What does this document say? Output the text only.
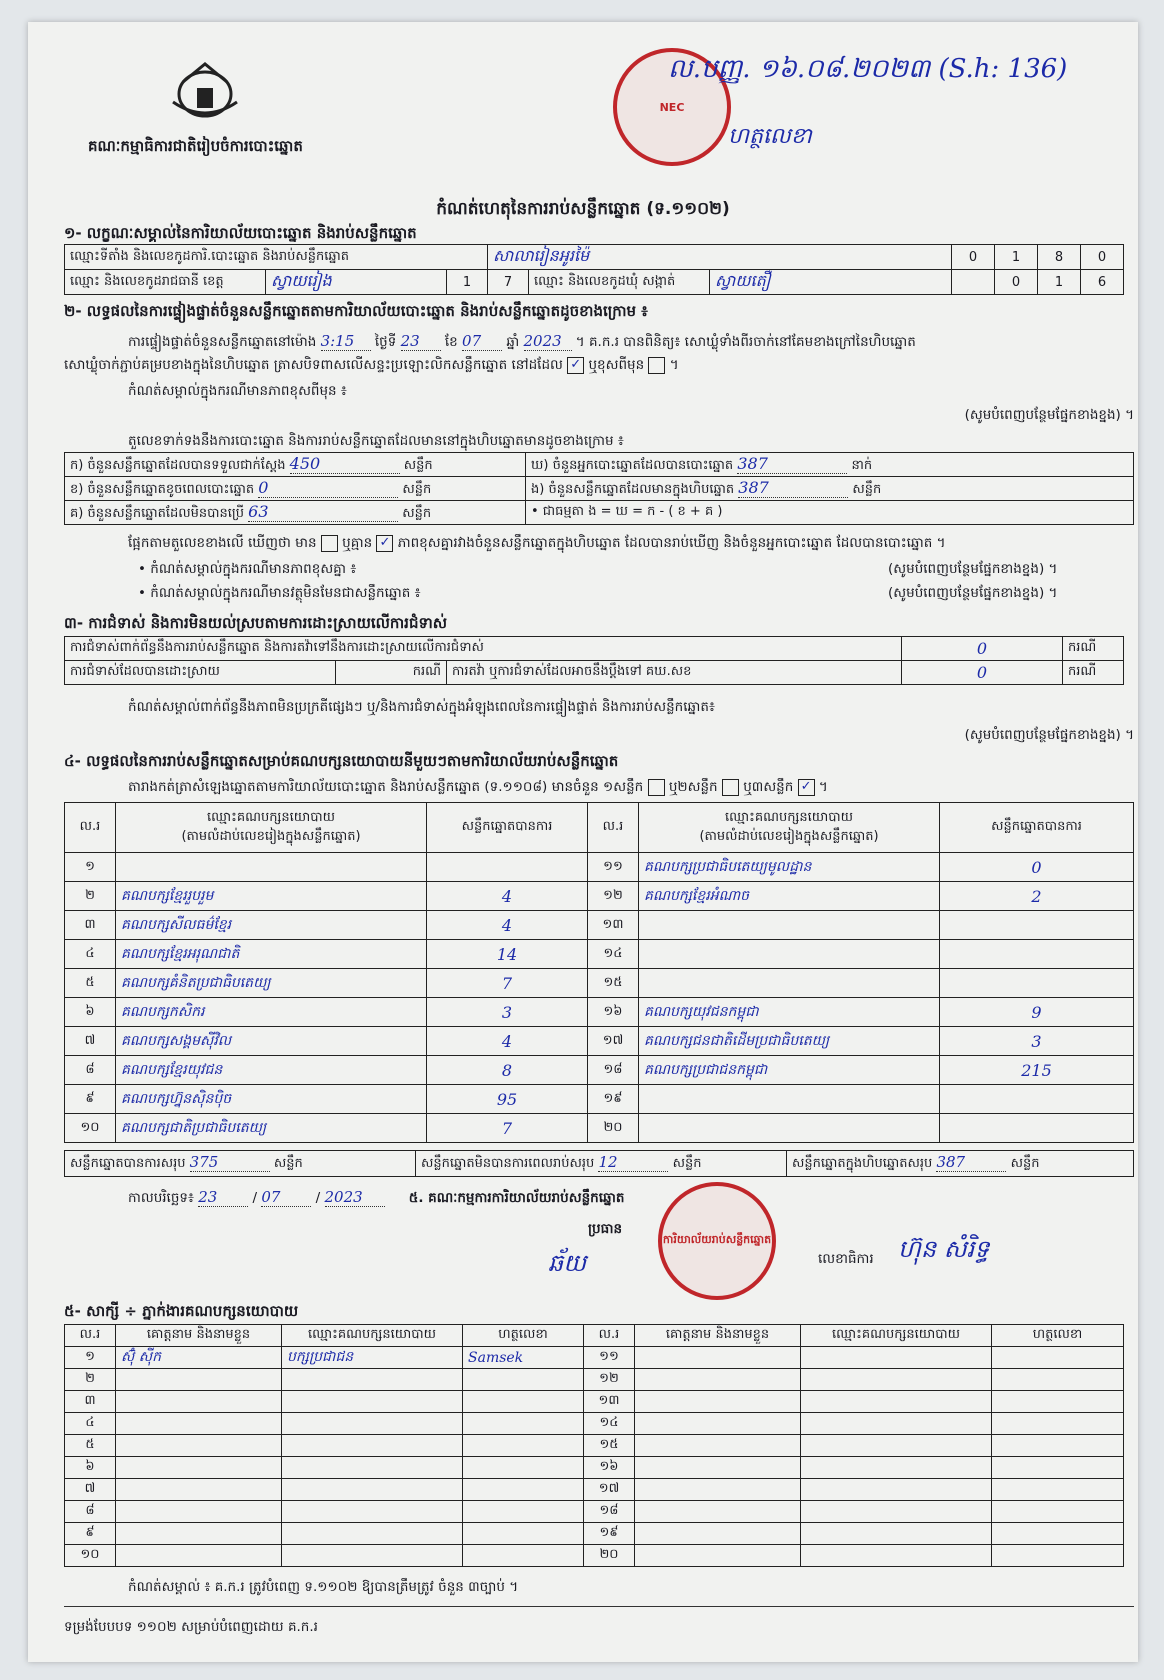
គណៈកម្មាធិការជាតិរៀបចំការបោះឆ្នោត
NEC
ល.បញ្ញ. ១៦.០៨.២០២៣ (S.h: 136)
ហត្ថលេខា
កំណត់ហេតុនៃការរាប់សន្លឹកឆ្នោត (ទ.១១០២)
១- លក្ខណៈសម្គាល់នៃការិយាល័យបោះឆ្នោត និងរាប់សន្លឹកឆ្នោត
ឈ្មោះទីតាំង និងលេខកូដការិ.បោះឆ្នោត និងរាប់សន្លឹកឆ្នោត			សាលារៀនអូរម៉ៃ			0	1	8	0
ឈ្មោះ និងលេខកូដរាជធានី ខេត្ត	ស្វាយរៀង	1	7	ឈ្មោះ និងលេខកូដឃុំ សង្កាត់	ស្វាយតឿ		0	1	6
២- លទ្ធផលនៃការផ្ទៀងផ្ទាត់ចំនួនសន្លឹកឆ្នោតតាមការិយាល័យបោះឆ្នោត និងរាប់សន្លឹកឆ្នោតដូចខាងក្រោម ៖
ការផ្ទៀងផ្ទាត់ចំនួនសន្លឹកឆ្នោតនៅម៉ោង 3:15 ថ្ងៃទី 23 ខែ 07 ឆ្នាំ 2023 ។ គ.ក.រ បានពិនិត្យ៖ សោឃ្លុំទាំងពីរចាក់នៅគែមខាងក្រៅនៃហិបឆ្នោត
សោឃ្លុំចាក់ភ្ជាប់គម្របខាងក្នុងនៃហិបឆ្នោត ត្រាសបិទពាសលើសន្ទះប្រឡោះលិកសន្លឹកឆ្នោត នៅដដែល ✓ ឬខុសពីមុន  ។
កំណត់សម្គាល់ក្នុងករណីមានភាពខុសពីមុន ៖
(សូមបំពេញបន្ថែមផ្នែកខាងខ្នង) ។
តួលេខទាក់ទងនឹងការបោះឆ្នោត និងការរាប់សន្លឹកឆ្នោតដែលមាននៅក្នុងហិបឆ្នោតមានដូចខាងក្រោម ៖
ក) ចំនួនសន្លឹកឆ្នោតដែលបានទទួលជាក់ស្ដែង 450 សន្លឹក	ឃ) ចំនួនអ្នកបោះឆ្នោតដែលបានបោះឆ្នោត 387 នាក់
ខ) ចំនួនសន្លឹកឆ្នោតខូចពេលបោះឆ្នោត 0 សន្លឹក	ង) ចំនួនសន្លឹកឆ្នោតដែលមានក្នុងហិបឆ្នោត 387 សន្លឹក
គ) ចំនួនសន្លឹកឆ្នោតដែលមិនបានប្រើ 63 សន្លឹក	• ជាធម្មតា ង = ឃ = ក - ( ខ + គ )
ផ្អែកតាមតួលេខខាងលើ ឃើញថា មាន ឬគ្មាន ✓ ភាពខុសគ្នារវាងចំនួនសន្លឹកឆ្នោតក្នុងហិបឆ្នោត ដែលបានរាប់ឃើញ និងចំនួនអ្នកបោះឆ្នោត ដែលបានបោះឆ្នោត ។
• កំណត់សម្គាល់ក្នុងករណីមានភាពខុសគ្នា ៖	(សូមបំពេញបន្ថែមផ្នែកខាងខ្នង) ។
• កំណត់សម្គាល់ក្នុងករណីមានវត្ថុមិនមែនជាសន្លឹកឆ្នោត ៖	(សូមបំពេញបន្ថែមផ្នែកខាងខ្នង) ។
៣- ការជំទាស់ និងការមិនយល់ស្របតាមការដោះស្រាយលើការជំទាស់
ការជំទាស់ពាក់ព័ន្ធនឹងការរាប់សន្លឹកឆ្នោត និងការតវ៉ាទៅនឹងការដោះស្រាយលើការជំទាស់			0	ករណី
ការជំទាស់ដែលបានដោះស្រាយ	ករណី	ការតវ៉ា ឬការជំទាស់ដែលអាចនឹងប្ដឹងទៅ គឃ.សខ	0	ករណី
កំណត់សម្គាល់ពាក់ព័ន្ធនឹងភាពមិនប្រក្រតីផ្សេងៗ ឬ/និងការជំទាស់ក្នុងអំឡុងពេលនៃការផ្ទៀងផ្ទាត់ និងការរាប់សន្លឹកឆ្នោត៖
(សូមបំពេញបន្ថែមផ្នែកខាងខ្នង) ។
៤- លទ្ធផលនៃការរាប់សន្លឹកឆ្នោតសម្រាប់គណបក្សនយោបាយនីមួយៗតាមការិយាល័យរាប់សន្លឹកឆ្នោត
តារាងកត់ត្រាសំឡេងឆ្នោតតាមការិយាល័យបោះឆ្នោត និងរាប់សន្លឹកឆ្នោត (ទ.១១០៨) មានចំនួន ១សន្លឹក ឬ២សន្លឹក ឬ៣សន្លឹក ✓ ។
ល.រ	ឈ្មោះគណបក្សនយោបាយ
(តាមលំដាប់លេខរៀងក្នុងសន្លឹកឆ្នោត)	សន្លឹកឆ្នោតបានការ	ល.រ	ឈ្មោះគណបក្សនយោបាយ
(តាមលំដាប់លេខរៀងក្នុងសន្លឹកឆ្នោត)	សន្លឹកឆ្នោតបានការ
១			១១	គណបក្សប្រជាធិបតេយ្យមូលដ្ឋាន	0
២	គណបក្សខ្មែររួបរួម	4	១២	គណបក្សខ្មែរអំណាច	2
៣	គណបក្សសីលធម៌ខ្មែរ	4	១៣		
៤	គណបក្សខ្មែរអរុណជាតិ	14	១៤		
៥	គណបក្សគំនិតប្រជាធិបតេយ្យ	7	១៥		
៦	គណបក្សកសិករ	3	១៦	គណបក្សយុវជនកម្ពុជា	9
៧	គណបក្សសង្គមស៊ីវិល	4	១៧	គណបក្សជនជាតិដើមប្រជាធិបតេយ្យ	3
៨	គណបក្សខ្មែរយុវជន	8	១៨	គណបក្សប្រជាជនកម្ពុជា	215
៩	គណបក្សហ្វ៊ុនស៊ិនប៉ិច	95	១៩		
១០	គណបក្សជាតិប្រជាធិបតេយ្យ	7	២០		
សន្លឹកឆ្នោតបានការសរុប 375	សន្លឹក	សន្លឹកឆ្នោតមិនបានការពេលរាប់សរុប 12	សន្លឹក	សន្លឹកឆ្នោតក្នុងហិបឆ្នោតសរុប 387	សន្លឹក
កាលបរិច្ឆេទ៖ 23 / 07 / 2023	៥. គណៈកម្មការការិយាល័យរាប់សន្លឹកឆ្នោត
ប្រធាន
ការិយាល័យរាប់សន្លឹកឆ្នោត
ឆ័យ	លេខាធិការ ហ៊ុន សំរិទ្ធ
៥- សាក្សី ÷ ភ្នាក់ងារគណបក្សនយោបាយ
ល.រ	គោត្តនាម និងនាមខ្លួន	ឈ្មោះគណបក្សនយោបាយ	ហត្ថលេខា	ល.រ	គោត្តនាម និងនាមខ្លួន	ឈ្មោះគណបក្សនយោបាយ	ហត្ថលេខា
១	ស៊ុំ ស៊ីក	បក្សប្រជាជន	Samsek	១១			
២				១២			
៣				១៣			
៤				១៤			
៥				១៥			
៦				១៦			
៧				១៧			
៨				១៨			
៩				១៩			
១០				២០			
កំណត់សម្គាល់ ៖ គ.ក.រ ត្រូវបំពេញ ទ.១១០២ ឱ្យបានត្រឹមត្រូវ ចំនួន ៣ច្បាប់ ។
ទម្រង់បែបបទ ១១០២ សម្រាប់បំពេញដោយ គ.ក.រ
